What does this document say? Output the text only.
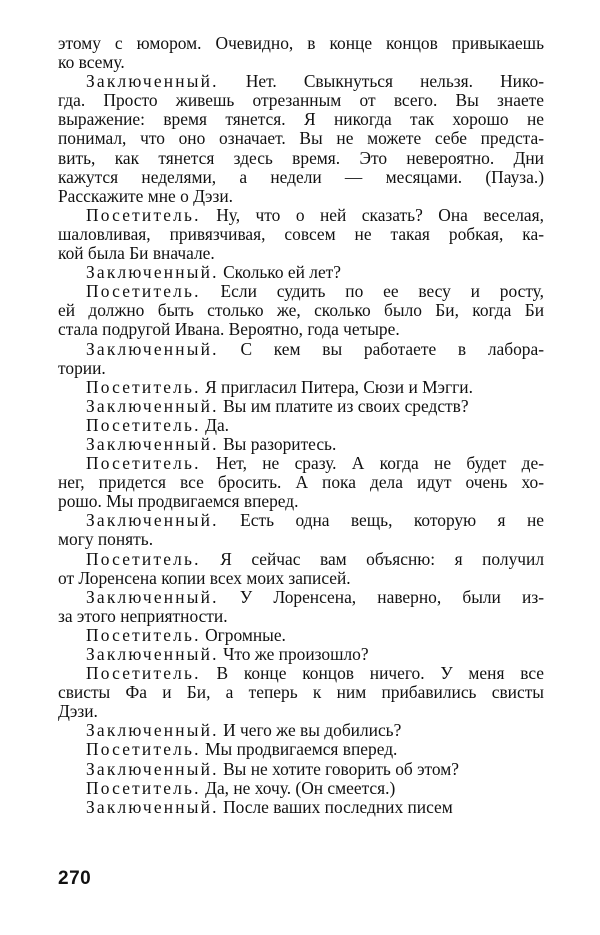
этому с юмором. Очевидно, в конце концов привыкаешь
ко всему.

Заключенный. Нет. Свыкнуться нельзя. Нико-
гда. Просто живешь отрезанным от всего. Вы знаете
выражение: время тянется. Я никогда так хорошо не
понимал, что оно означает. Вы не можете себе предста-
вить, как тянется здесь время. Это невероятно. Дни
кажутся неделями, а недели — месяцами. (Пауза.)
Расскажите мне о Дэзи.

Посетитель. Ну, что о ней сказать? Она веселая,
шаловливая, привязчивая, совсем не такая робкая, ка-
кой была Би вначале.

Заключенный. Сколько ей лет?

Посетитель. Если судить по ее весу и росту,
ей должно быть столько же, сколько было Би, когда Би
стала подругой Ивана. Вероятно, года четыре.

Заключенный. С кем вы работаете в лабора-
тории.

Посетитель. Я пригласил Питера, Сюзи и Мэгги.

Заключенный. Вы им платите из своих средств?

Посетитель. Да.

Заключенный. Вы разоритесь.

Посетитель. Нет, не сразу. А когда не будет де-
нег, придется все бросить. А пока дела идут очень хо-
рошо. Мы продвигаемся вперед.

Заключенный. Есть одна вещь, которую я не
могу понять.

Посетитель. Я сейчас вам объясню: я получил
от Лоренсена копии всех моих записей.

Заключенный. У Лоренсена, наверно, были из-
за этого неприятности.

Посетитель. Огромные.

Заключенный. Что же произошло?

Посетитель. В конце концов ничего. У меня все
свисты Фа и Би, а теперь к ним прибавились свисты
Дэзи.

Заключенный. И чего же вы добились?

Посетитель. Мы продвигаемся вперед.

Заключенный. Вы не хотите говорить об этом?

Посетитель. Да, не хочу. (Он смеется.)

Заключенный. После ваших последних писем

270
